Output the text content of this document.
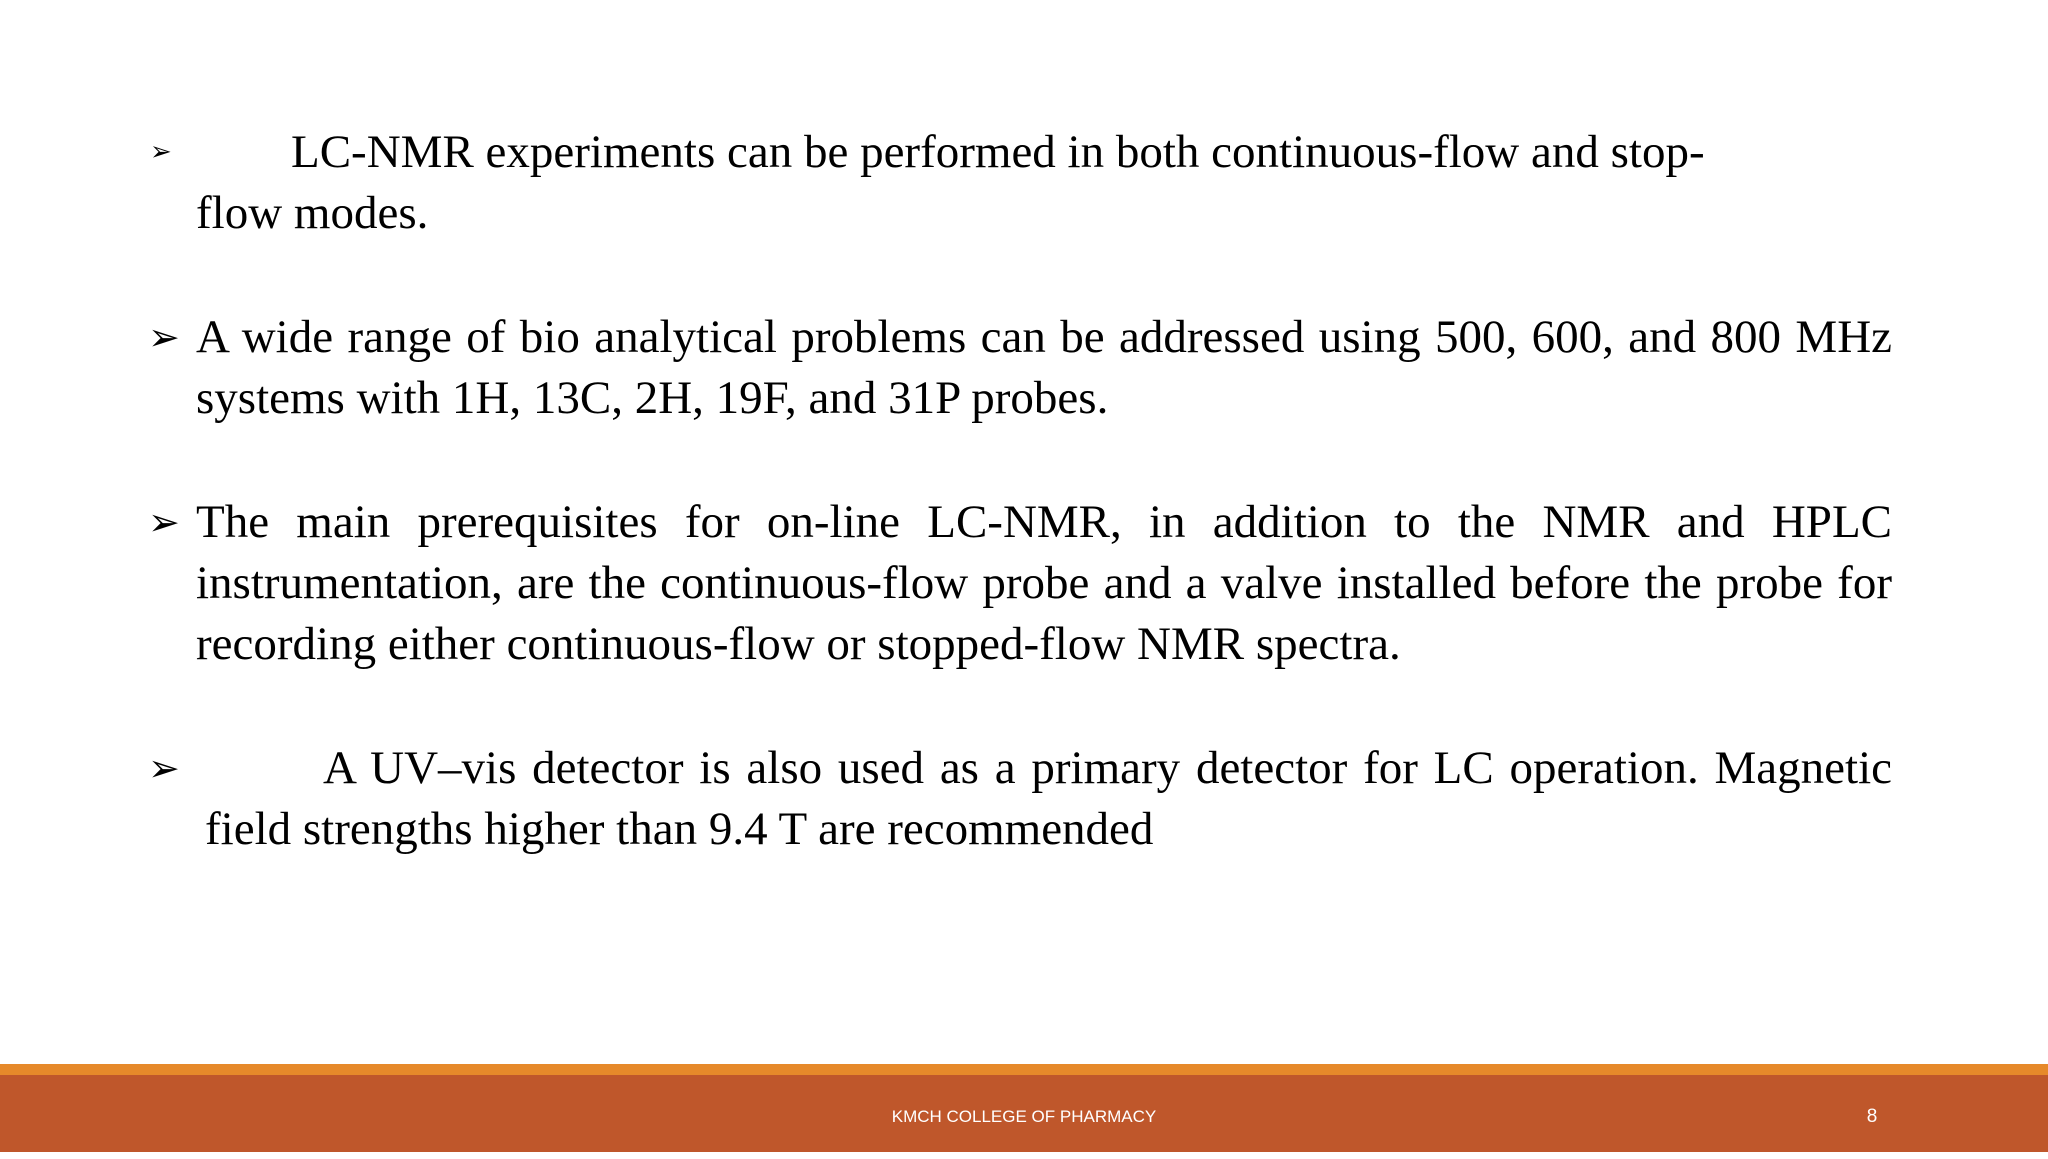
➢	LC-NMR experiments can be performed in both continuous-flow and stop-
flow modes.
➢ A wide range of bio analytical problems can be addressed using 500, 600, and 800 MHz systems with 1H, 13C, 2H, 19F, and 31P probes.
➢ The main prerequisites for on-line LC-NMR, in addition to the NMR and HPLC instrumentation, are the continuous-flow probe and a valve installed before the probe for recording either continuous-flow or stopped-flow NMR spectra.
➢	A UV–vis detector is also used as a primary detector for LC operation. Magnetic field strengths higher than 9.4 T are recommended
KMCH COLLEGE OF PHARMACY	8
